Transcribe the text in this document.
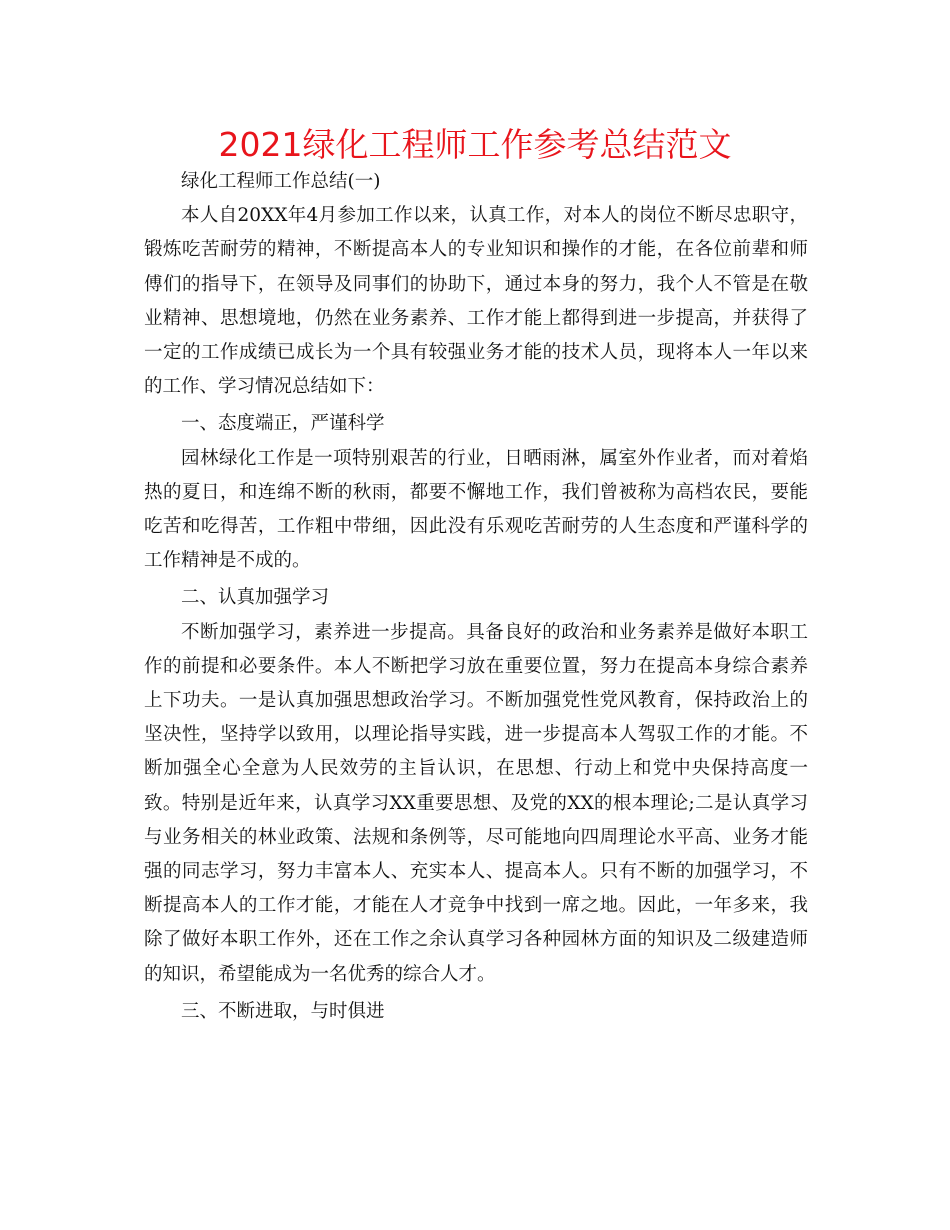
2021绿化工程师工作参考总结范文

绿化工程师工作总结(一)

本人自20XX年4月参加工作以来，认真工作，对本人的岗位不断尽忠职守，锻炼吃苦耐劳的精神，不断提高本人的专业知识和操作的才能，在各位前辈和师傅们的指导下，在领导及同事们的协助下，通过本身的努力，我个人不管是在敬业精神、思想境地，仍然在业务素养、工作才能上都得到进一步提高，并获得了一定的工作成绩已成长为一个具有较强业务才能的技术人员，现将本人一年以来的工作、学习情况总结如下：

一、态度端正，严谨科学

园林绿化工作是一项特别艰苦的行业，日晒雨淋，属室外作业者，而对着焰热的夏日，和连绵不断的秋雨，都要不懈地工作，我们曾被称为高档农民，要能吃苦和吃得苦，工作粗中带细，因此没有乐观吃苦耐劳的人生态度和严谨科学的工作精神是不成的。

二、认真加强学习

不断加强学习，素养进一步提高。具备良好的政治和业务素养是做好本职工作的前提和必要条件。本人不断把学习放在重要位置，努力在提高本身综合素养上下功夫。一是认真加强思想政治学习。不断加强党性党风教育，保持政治上的坚决性，坚持学以致用，以理论指导实践，进一步提高本人驾驭工作的才能。不断加强全心全意为人民效劳的主旨认识，在思想、行动上和党中央保持高度一致。特别是近年来，认真学习XX重要思想、及党的XX的根本理论;二是认真学习与业务相关的林业政策、法规和条例等，尽可能地向四周理论水平高、业务才能强的同志学习，努力丰富本人、充实本人、提高本人。只有不断的加强学习，不断提高本人的工作才能，才能在人才竞争中找到一席之地。因此，一年多来，我除了做好本职工作外，还在工作之余认真学习各种园林方面的知识及二级建造师的知识，希望能成为一名优秀的综合人才。

三、不断进取，与时俱进
